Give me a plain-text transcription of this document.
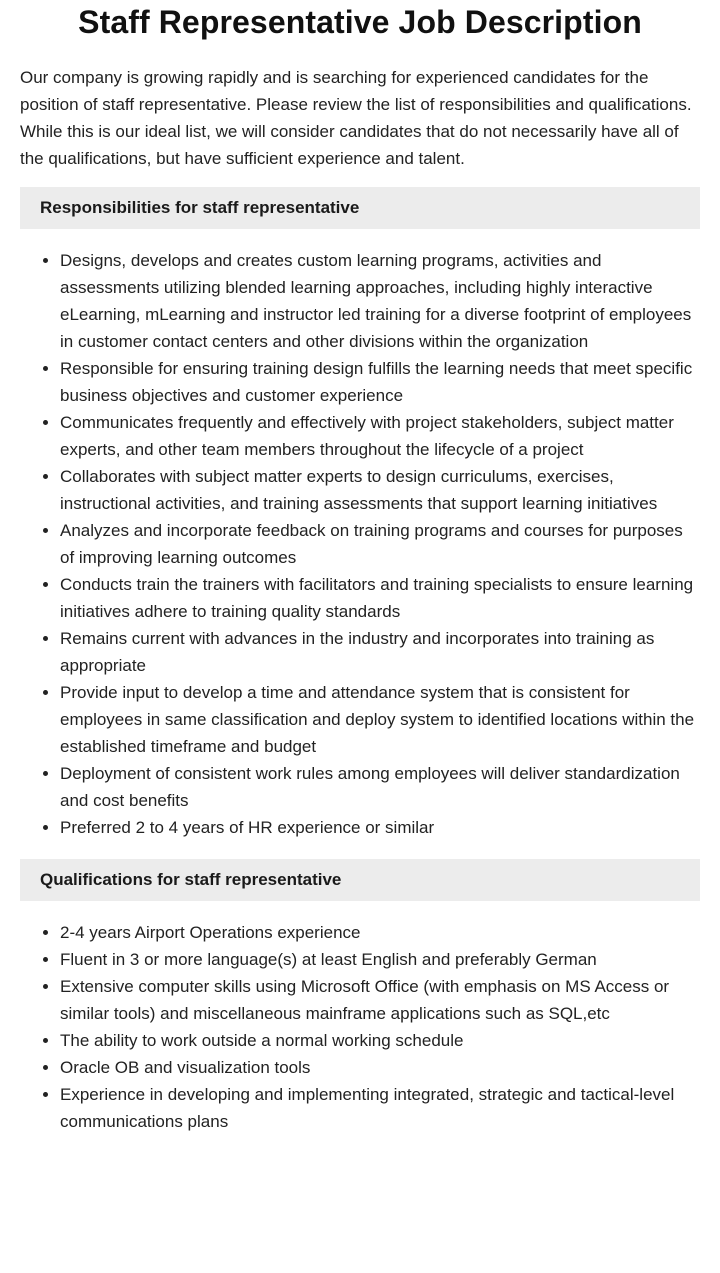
Staff Representative Job Description

Our company is growing rapidly and is searching for experienced candidates for the position of staff representative. Please review the list of responsibilities and qualifications. While this is our ideal list, we will consider candidates that do not necessarily have all of the qualifications, but have sufficient experience and talent.

Responsibilities for staff representative
• Designs, develops and creates custom learning programs, activities and assessments utilizing blended learning approaches, including highly interactive eLearning, mLearning and instructor led training for a diverse footprint of employees in customer contact centers and other divisions within the organization
• Responsible for ensuring training design fulfills the learning needs that meet specific business objectives and customer experience
• Communicates frequently and effectively with project stakeholders, subject matter experts, and other team members throughout the lifecycle of a project
• Collaborates with subject matter experts to design curriculums, exercises, instructional activities, and training assessments that support learning initiatives
• Analyzes and incorporate feedback on training programs and courses for purposes of improving learning outcomes
• Conducts train the trainers with facilitators and training specialists to ensure learning initiatives adhere to training quality standards
• Remains current with advances in the industry and incorporates into training as appropriate
• Provide input to develop a time and attendance system that is consistent for employees in same classification and deploy system to identified locations within the established timeframe and budget
• Deployment of consistent work rules among employees will deliver standardization and cost benefits
• Preferred 2 to 4 years of HR experience or similar
Qualifications for staff representative
• 2-4 years Airport Operations experience
• Fluent in 3 or more language(s) at least English and preferably German
• Extensive computer skills using Microsoft Office (with emphasis on MS Access or similar tools) and miscellaneous mainframe applications such as SQL,etc
• The ability to work outside a normal working schedule
• Oracle OB and visualization tools
• Experience in developing and implementing integrated, strategic and tactical-level communications plans
